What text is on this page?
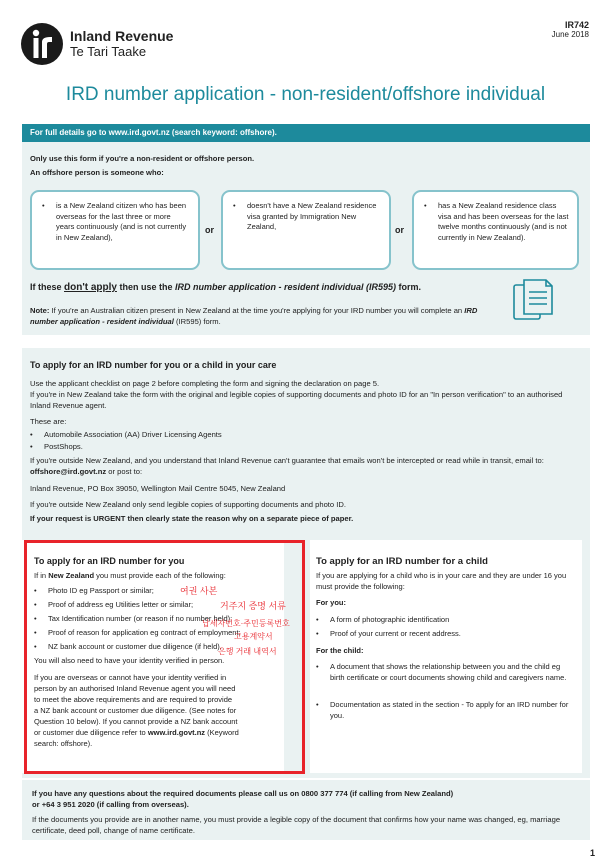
Inland Revenue
Te Tari Taake
IR742
June 2018
IRD number application - non-resident/offshore individual
For full details go to www.ird.govt.nz (search keyword: offshore).
Only use this form if you're a non-resident or offshore person.
An offshore person is someone who:
• is a New Zealand citizen who has been overseas for the last three or more years continuously (and is not currently in New Zealand),
or
• doesn't have a New Zealand residence visa granted by Immigration New Zealand,	or
• has a New Zealand residence class visa and has been overseas for the last twelve months continuously (and is not currently in New Zealand).
If these don't apply then use the IRD number application - resident individual (IR595) form.
Note: If you're an Australian citizen present in New Zealand at the time you're applying for your IRD number you will complete an IRD number application - resident individual (IR595) form.
To apply for an IRD number for you or a child in your care
Use the applicant checklist on page 2 before completing the form and signing the declaration on page 5.
If you're in New Zealand take the form with the original and legible copies of supporting documents and photo ID for an "In person verification" to an authorised Inland Revenue agent.
These are:
• Automobile Association (AA) Driver Licensing Agents
• PostShops.
If you're outside New Zealand, and you understand that Inland Revenue can't guarantee that emails won't be intercepted or read while in transit, email to: offshore@ird.govt.nz or post to:
Inland Revenue, PO Box 39050, Wellington Mail Centre 5045, New Zealand
If you're outside New Zealand only send legible copies of supporting documents and photo ID.
If your request is URGENT then clearly state the reason why on a separate piece of paper.
To apply for an IRD number for you
If in New Zealand you must provide each of the following:
• Photo ID eg Passport or similar;
• Proof of address eg Utilities letter or similar;
• Tax Identification number (or reason if no number held);
• Proof of reason for application eg contract of employment;
• NZ bank account or customer due diligence (if held).
You will also need to have your identity verified in person.
If you are overseas or cannot have your identity verified in
person by an authorised Inland Revenue agent you will need
to meet the above requirements and are required to provide
a NZ bank account or customer due diligence. (See notes for
Question 10 below). If you cannot provide a NZ bank account
or customer due diligence refer to www.ird.govt.nz (Keyword
search: offshore).
여권 사본
거주지 증명 서류
납세자번호·주민등록번호
고용계약서
은행 거래 내역서
To apply for an IRD number for a child
If you are applying for a child who is in your care and they are under 16 you must provide the following:
For you:
• A form of photographic identification
• Proof of your current or recent address.
For the child:
•	A document that shows the relationship between you and the child eg birth certificate or court documents showing child and caregivers name.
•	Documentation as stated in the section - To apply for an IRD number for you.
If you have any questions about the required documents please call us on 0800 377 774 (if calling from New Zealand)
or +64 3 951 2020 (if calling from overseas).
If the documents you provide are in another name, you must provide a legible copy of the document that confirms how your name was changed, eg, marriage certificate, deed poll, change of name certificate.
1
